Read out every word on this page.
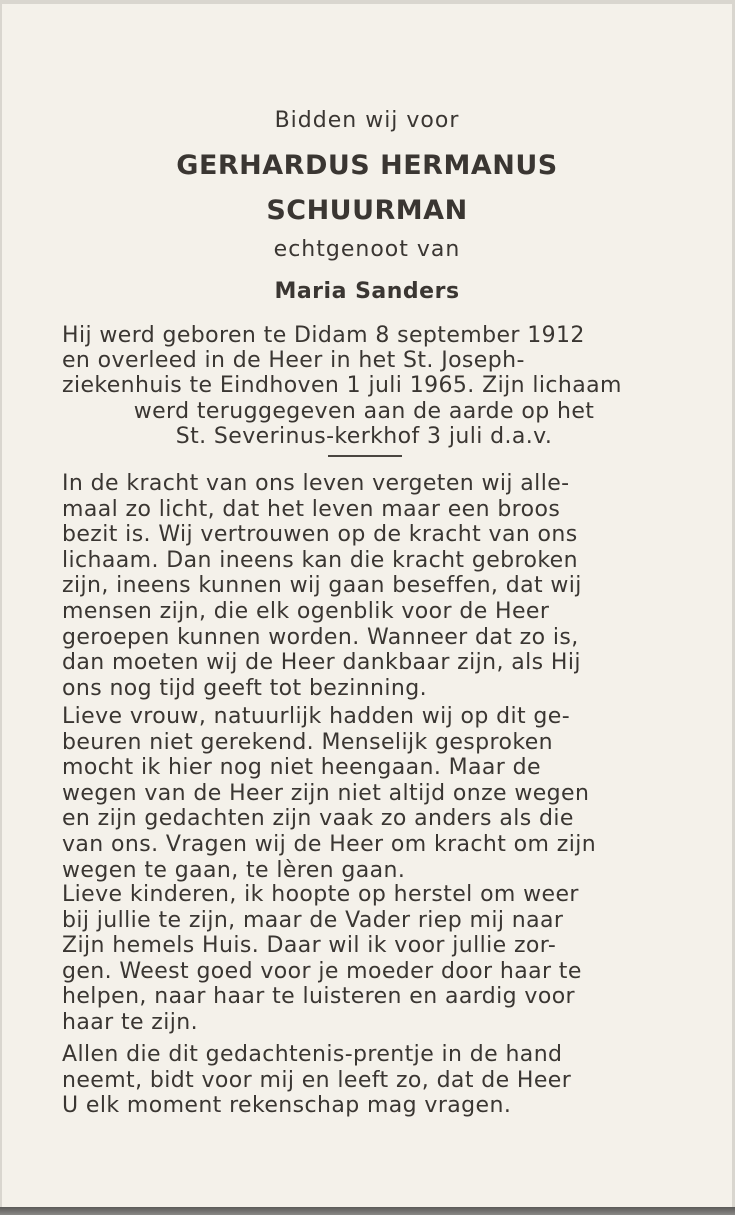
Bidden wij voor
GERHARDUS HERMANUS
SCHUURMAN
echtgenoot van
Maria Sanders
Hij werd geboren te Didam 8 september 1912
en overleed in de Heer in het St. Joseph-
ziekenhuis te Eindhoven 1 juli 1965. Zijn lichaam
werd teruggegeven aan de aarde op het
St. Severinus-kerkhof 3 juli d.a.v.
In de kracht van ons leven vergeten wij alle-
maal zo licht, dat het leven maar een broos
bezit is. Wij vertrouwen op de kracht van ons
lichaam. Dan ineens kan die kracht gebroken
zijn, ineens kunnen wij gaan beseffen, dat wij
mensen zijn, die elk ogenblik voor de Heer
geroepen kunnen worden. Wanneer dat zo is,
dan moeten wij de Heer dankbaar zijn, als Hij
ons nog tijd geeft tot bezinning.
Lieve vrouw, natuurlijk hadden wij op dit ge-
beuren niet gerekend. Menselijk gesproken
mocht ik hier nog niet heengaan. Maar de
wegen van de Heer zijn niet altijd onze wegen
en zijn gedachten zijn vaak zo anders als die
van ons. Vragen wij de Heer om kracht om zijn
wegen te gaan, te lèren gaan.
Lieve kinderen, ik hoopte op herstel om weer
bij jullie te zijn, maar de Vader riep mij naar
Zijn hemels Huis. Daar wil ik voor jullie zor-
gen. Weest goed voor je moeder door haar te
helpen, naar haar te luisteren en aardig voor
haar te zijn.
Allen die dit gedachtenis-prentje in de hand
neemt, bidt voor mij en leeft zo, dat de Heer
U elk moment rekenschap mag vragen.
